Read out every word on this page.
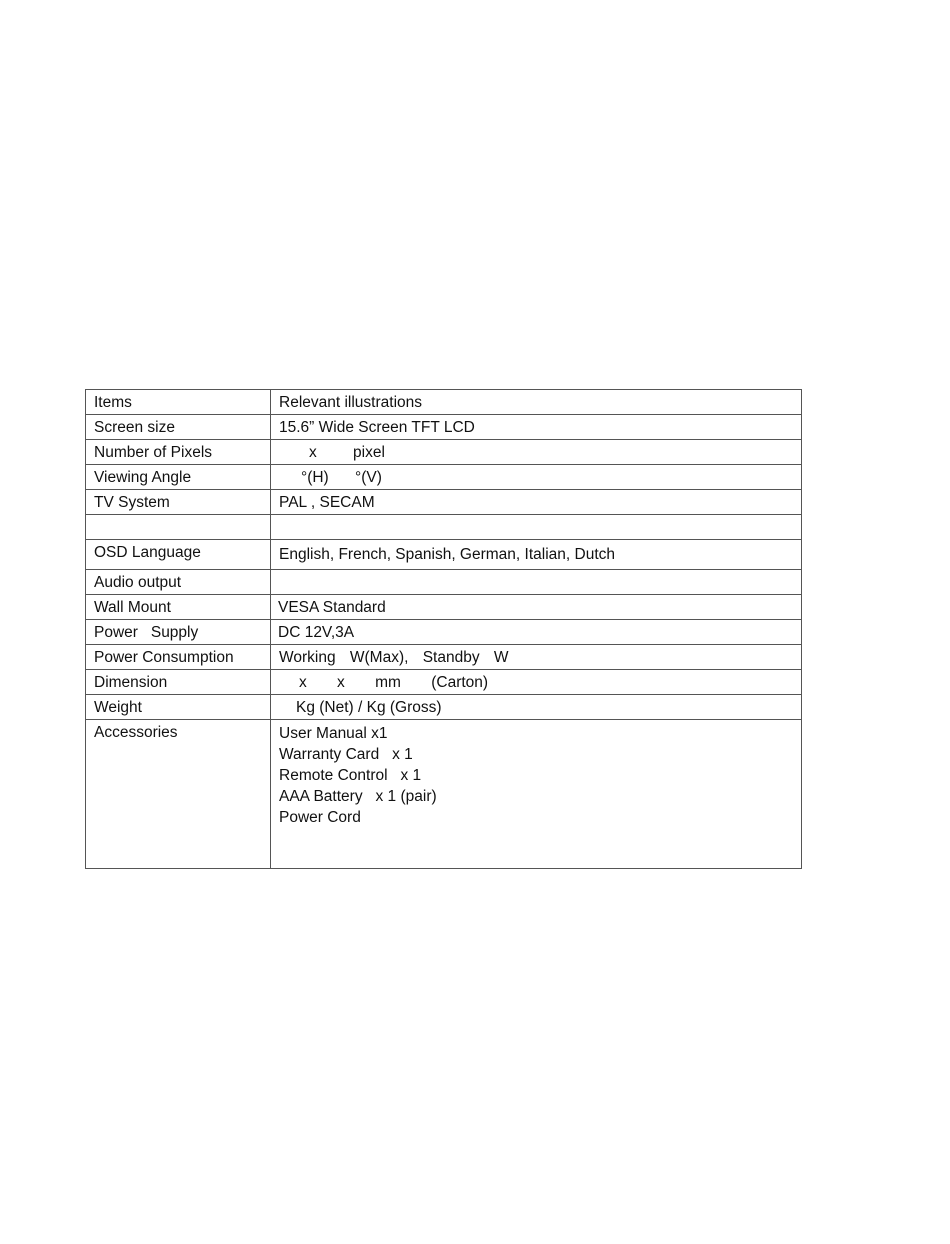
Items	Relevant illustrations
Screen size	15.6” Wide Screen TFT LCD
Number of Pixels	x pixel
Viewing Angle	°(H) °(V)
TV System	PAL , SECAM

OSD Language	English, French, Spanish, German, Italian, Dutch
Audio output	
Wall Mount	VESA Standard
Power   Supply	DC 12V,3A
Power Consumption	Working W(Max), Standby W
Dimension	x x mm (Carton)
Weight	Kg (Net) / Kg (Gross)
Accessories	User Manual x1
Warranty Card   x 1
Remote Control   x 1
AAA Battery   x 1 (pair)
Power Cord
